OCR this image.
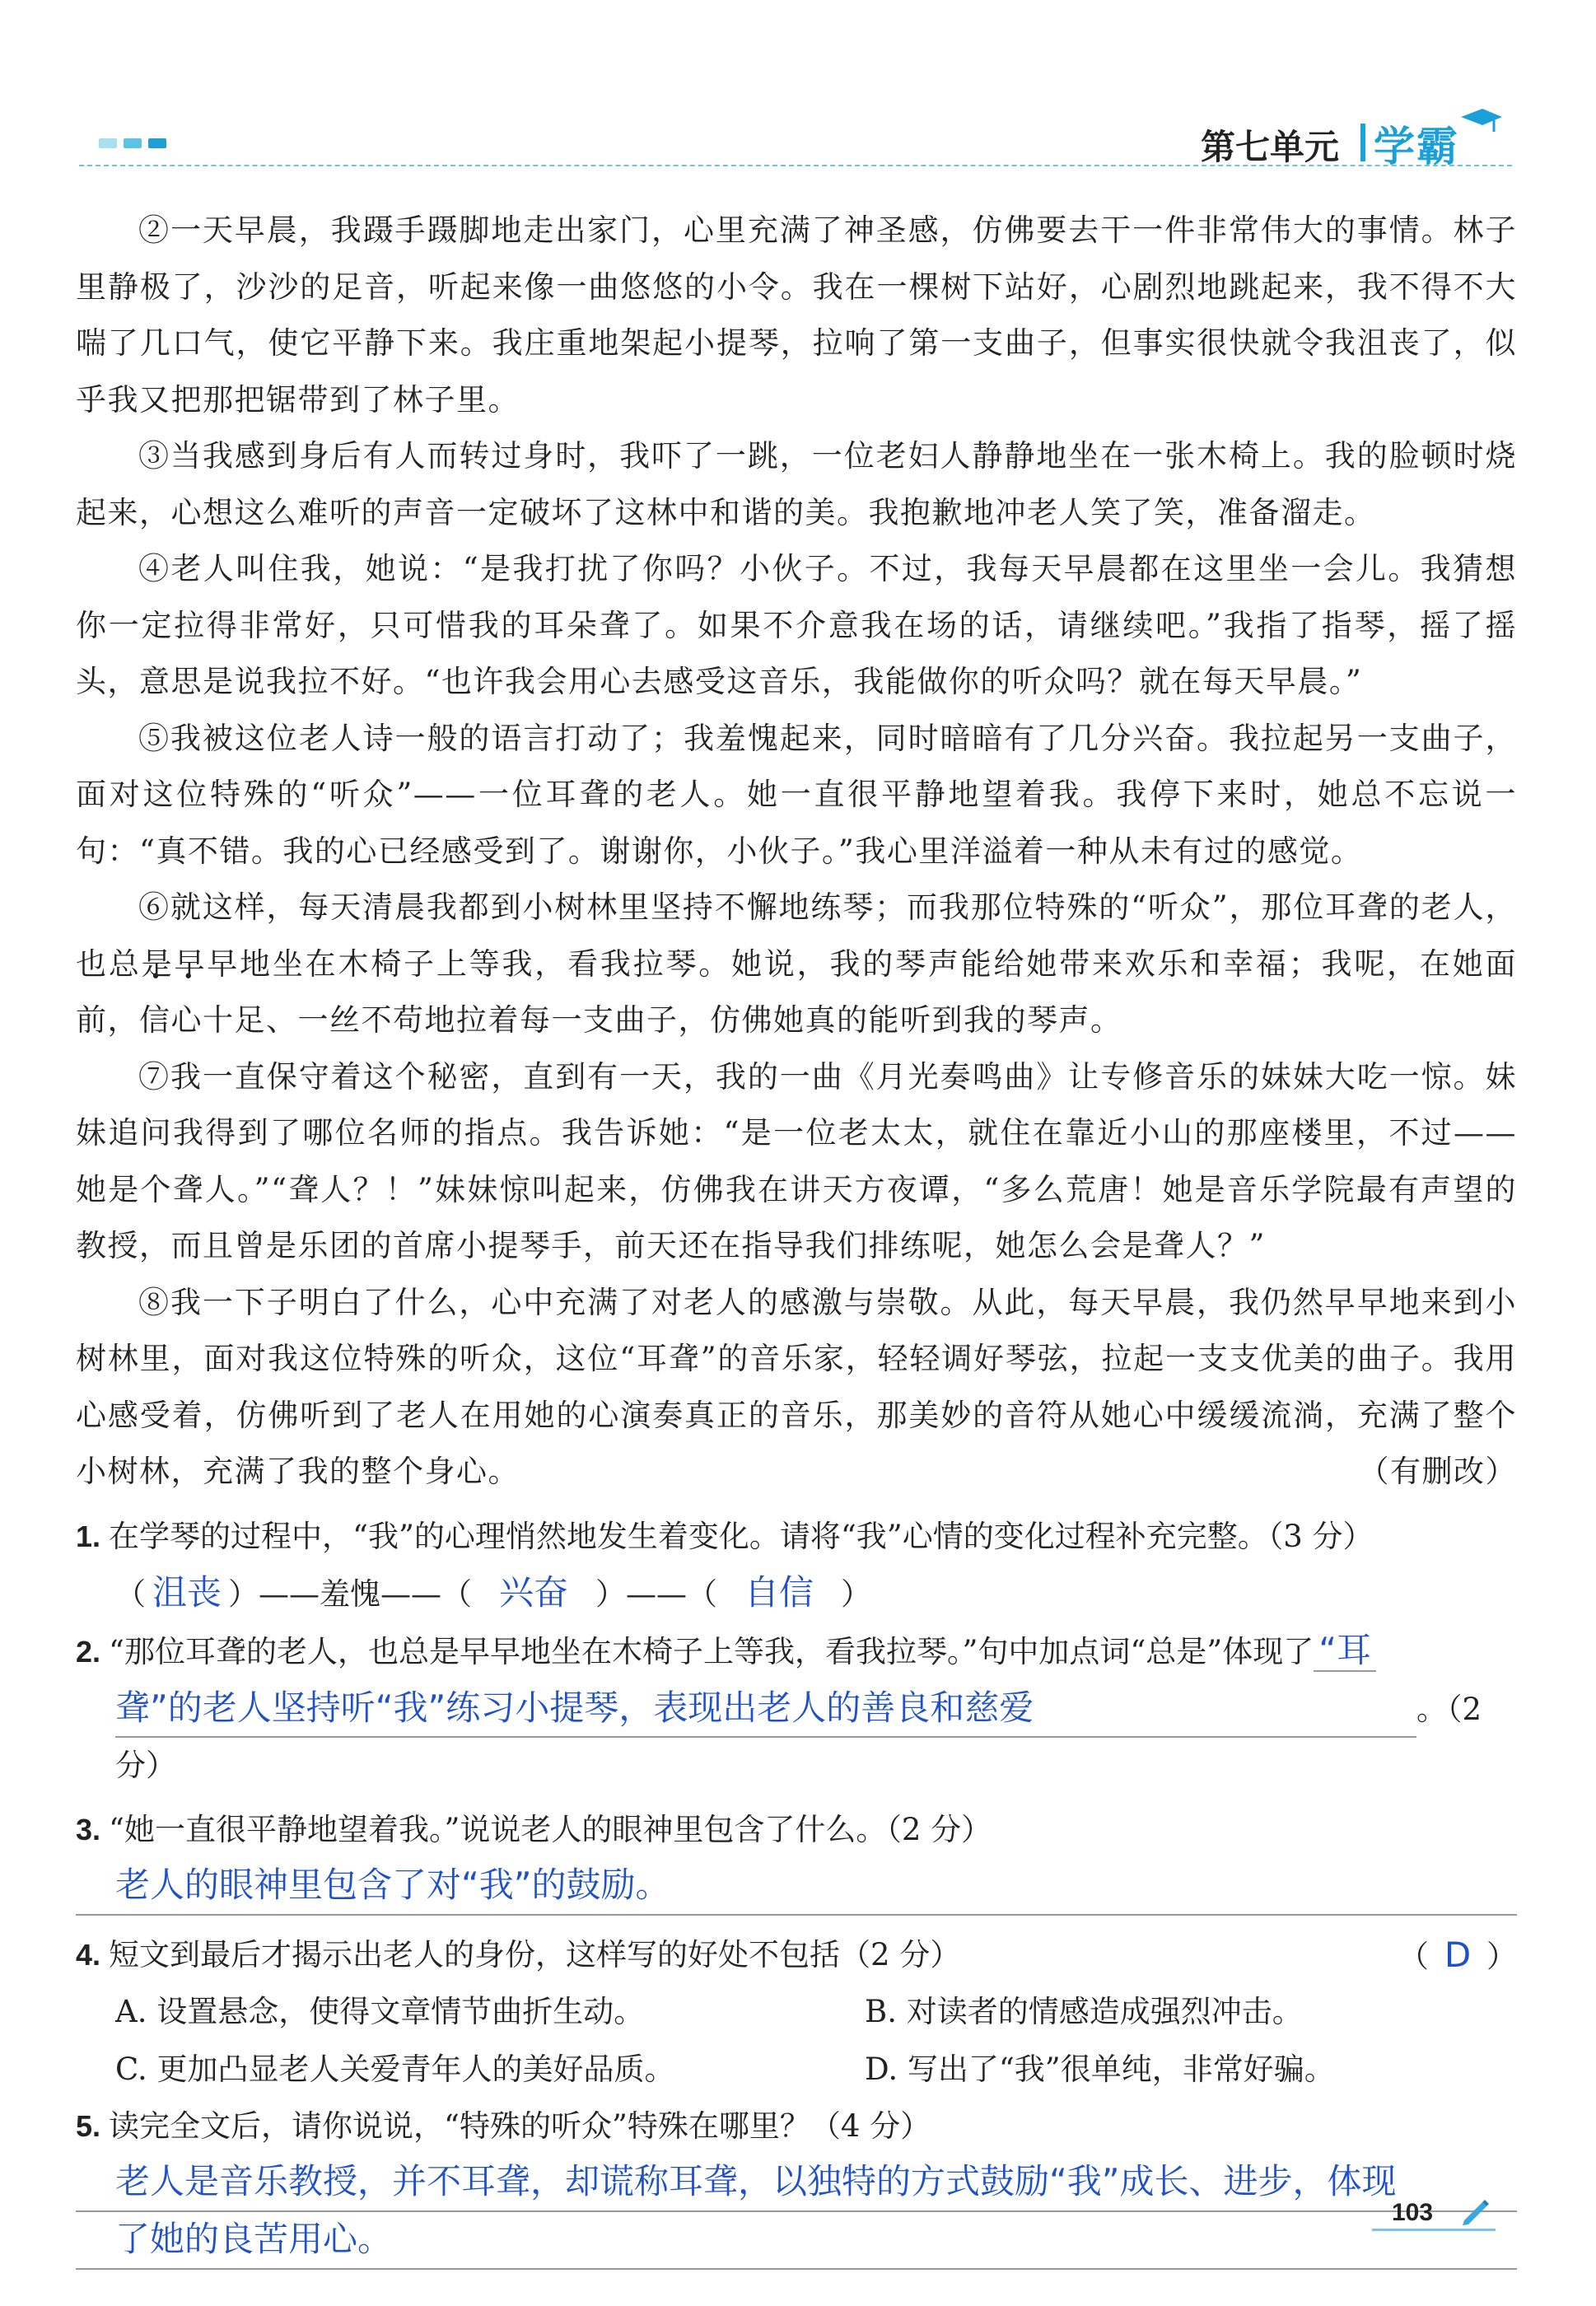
第七单元 学霸

②一天早晨，我蹑手蹑脚地走出家门，心里充满了神圣感，仿佛要去干一件非常伟大的事情。林子里静极了，沙沙的足音，听起来像一曲悠悠的小令。我在一棵树下站好，心剧烈地跳起来，我不得不大喘了几口气，使它平静下来。我庄重地架起小提琴，拉响了第一支曲子，但事实很快就令我沮丧了，似乎我又把那把锯带到了林子里。

③当我感到身后有人而转过身时，我吓了一跳，一位老妇人静静地坐在一张木椅上。我的脸顿时烧起来，心想这么难听的声音一定破坏了这林中和谐的美。我抱歉地冲老人笑了笑，准备溜走。

④老人叫住我，她说：“是我打扰了你吗？小伙子。不过，我每天早晨都在这里坐一会儿。我猜想你一定拉得非常好，只可惜我的耳朵聋了。如果不介意我在场的话，请继续吧。”我指了指琴，摇了摇头，意思是说我拉不好。“也许我会用心去感受这音乐，我能做你的听众吗？就在每天早晨。”

⑤我被这位老人诗一般的语言打动了；我羞愧起来，同时暗暗有了几分兴奋。我拉起另一支曲子，面对这位特殊的“听众”——一位耳聋的老人。她一直很平静地望着我。我停下来时，她总不忘说一句：“真不错。我的心已经感受到了。谢谢你，小伙子。”我心里洋溢着一种从未有过的感觉。

⑥就这样，每天清晨我都到小树林里坚持不懈地练琴；而我那位特殊的“听众”，那位耳聋的老人，也总是早早地坐在木椅子上等我，看我拉琴。她说，我的琴声能给她带来欢乐和幸福；我呢，在她面前，信心十足、一丝不苟地拉着每一支曲子，仿佛她真的能听到我的琴声。

⑦我一直保守着这个秘密，直到有一天，我的一曲《月光奏鸣曲》让专修音乐的妹妹大吃一惊。妹妹追问我得到了哪位名师的指点。我告诉她：“是一位老太太，就住在靠近小山的那座楼里，不过——她是个聋人。”“聋人？！”妹妹惊叫起来，仿佛我在讲天方夜谭，“多么荒唐！她是音乐学院最有声望的教授，而且曾是乐团的首席小提琴手，前天还在指导我们排练呢，她怎么会是聋人？”

⑧我一下子明白了什么，心中充满了对老人的感激与崇敬。从此，每天早晨，我仍然早早地来到小树林里，面对我这位特殊的听众，这位“耳聋”的音乐家，轻轻调好琴弦，拉起一支支优美的曲子。我用心感受着，仿佛听到了老人在用她的心演奏真正的音乐，那美妙的音符从她心中缓缓流淌，充满了整个小树林，充满了我的整个身心。	（有删改）

1. 在学琴的过程中，“我”的心理悄然地发生着变化。请将“我”心情的变化过程补充完整。（3 分）
（ 沮丧 ）——羞愧——（ 兴奋 ）——（ 自信 ）
2. “那位耳聋的老人，也总是早早地坐在木椅子上等我，看我拉琴。”句中加点词“总是”体现了 “耳
聋”的老人坚持听“我”练习小提琴，表现出老人的善良和慈爱	。（2 分）
3. “她一直很平静地望着我。”说说老人的眼神里包含了什么。（2 分）
老人的眼神里包含了对“我”的鼓励。
4. 短文到最后才揭示出老人的身份，这样写的好处不包括（2 分）	（ D ）
A. 设置悬念，使得文章情节曲折生动。	B. 对读者的情感造成强烈冲击。
C. 更加凸显老人关爱青年人的美好品质。	D. 写出了“我”很单纯，非常好骗。
5. 读完全文后，请你说说，“特殊的听众”特殊在哪里？（4 分）
老人是音乐教授，并不耳聋，却谎称耳聋，以独特的方式鼓励“我”成长、进步，体现
了她的良苦用心。
103
